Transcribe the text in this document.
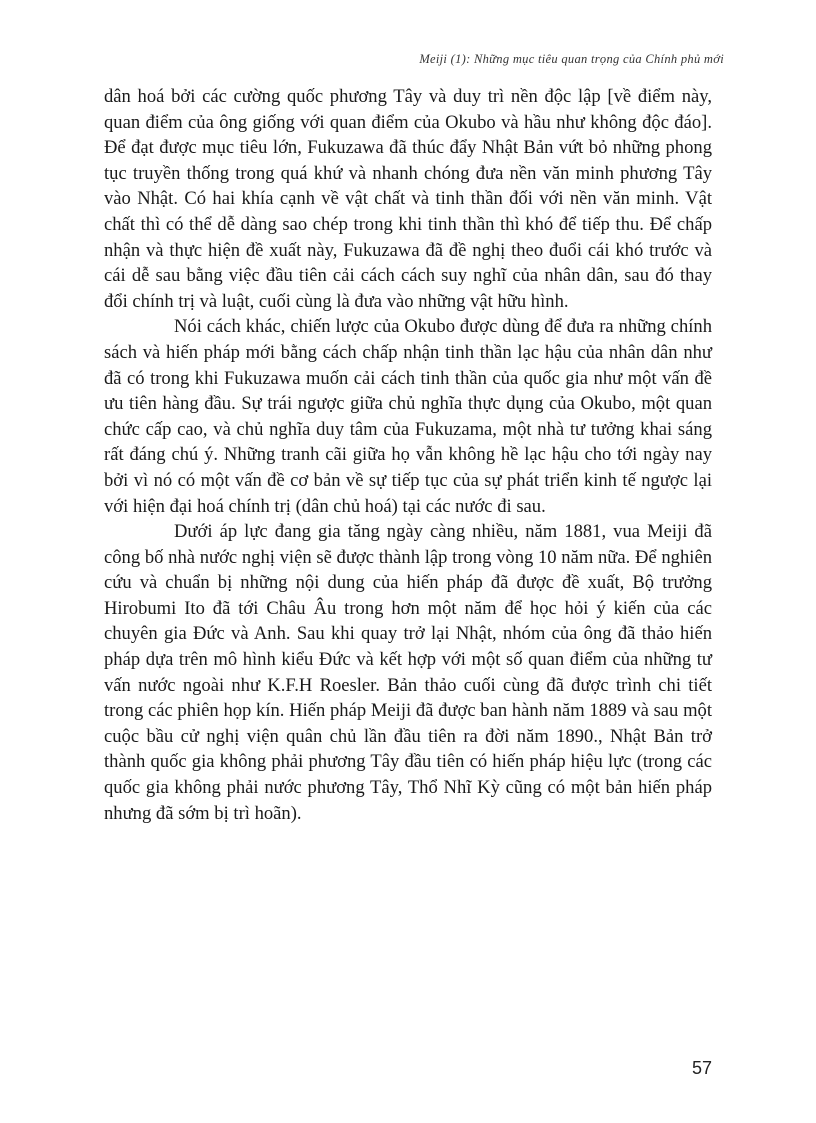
Meiji (1): Những mục tiêu quan trọng của Chính phủ mới

dân hoá bởi các cường quốc phương Tây và duy trì nền độc lập [về điểm này, quan điểm của ông giống với quan điểm của Okubo và hầu như không độc đáo]. Để đạt được mục tiêu lớn, Fukuzawa đã thúc đẩy Nhật Bản vứt bỏ những phong tục truyền thống trong quá khứ và nhanh chóng đưa nền văn minh phương Tây vào Nhật. Có hai khía cạnh về vật chất và tinh thần đối với nền văn minh. Vật chất thì có thể dễ dàng sao chép trong khi tinh thần thì khó để tiếp thu. Để chấp nhận và thực hiện đề xuất này, Fukuzawa đã đề nghị theo đuổi cái khó trước và cái dễ sau bằng việc đầu tiên cải cách cách suy nghĩ của nhân dân, sau đó thay đổi chính trị và luật, cuối cùng là đưa vào những vật hữu hình.

Nói cách khác, chiến lược của Okubo được dùng để đưa ra những chính sách và hiến pháp mới bằng cách chấp nhận tinh thần lạc hậu của nhân dân như đã có trong khi Fukuzawa muốn cải cách tinh thần của quốc gia như một vấn đề ưu tiên hàng đầu. Sự trái ngược giữa chủ nghĩa thực dụng của Okubo, một quan chức cấp cao, và chủ nghĩa duy tâm của Fukuzama, một nhà tư tưởng khai sáng rất đáng chú ý. Những tranh cãi giữa họ vẫn không hề lạc hậu cho tới ngày nay bởi vì nó có một vấn đề cơ bản về sự tiếp tục của sự phát triển kinh tế ngược lại với hiện đại hoá chính trị (dân chủ hoá) tại các nước đi sau.

Dưới áp lực đang gia tăng ngày càng nhiều, năm 1881, vua Meiji đã công bố nhà nước nghị viện sẽ được thành lập trong vòng 10 năm nữa. Để nghiên cứu và chuẩn bị những nội dung của hiến pháp đã được đề xuất, Bộ trưởng Hirobumi Ito đã tới Châu Âu trong hơn một năm để học hỏi ý kiến của các chuyên gia Đức và Anh. Sau khi quay trở lại Nhật, nhóm của ông đã thảo hiến pháp dựa trên mô hình kiểu Đức và kết hợp với một số quan điểm của những tư vấn nước ngoài như K.F.H Roesler. Bản thảo cuối cùng đã được trình chi tiết trong các phiên họp kín. Hiến pháp Meiji đã được ban hành năm 1889 và sau một cuộc bầu cử nghị viện quân chủ lần đầu tiên ra đời năm 1890., Nhật Bản trở thành quốc gia không phải phương Tây đầu tiên có hiến pháp hiệu lực (trong các quốc gia không phải nước phương Tây, Thổ Nhĩ Kỳ cũng có một bản hiến pháp nhưng đã sớm bị trì hoãn).

57
